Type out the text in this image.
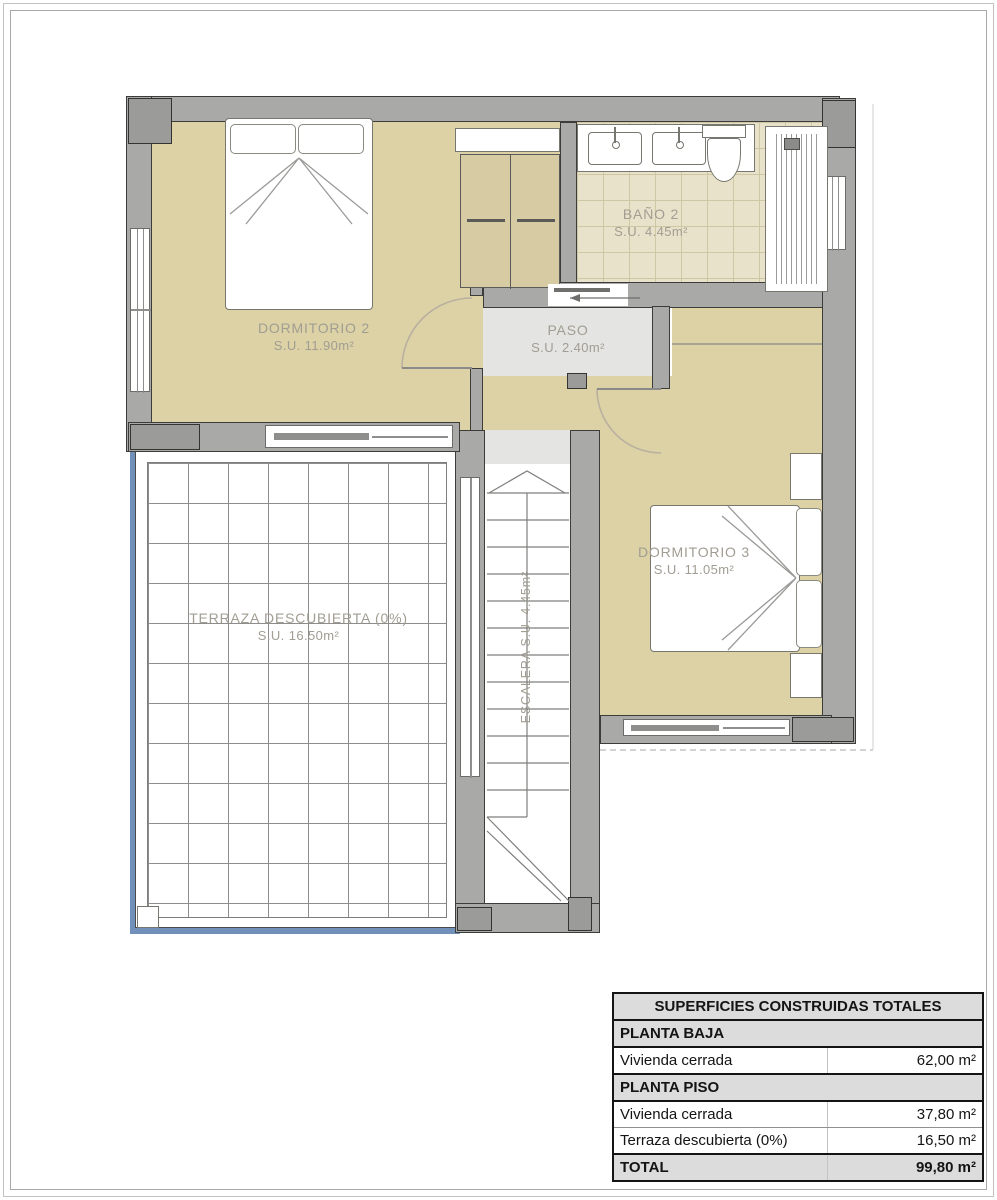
DORMITORIO 2
S.U. 11.90m²
BAÑO 2
S.U. 4.45m²
PASO
S.U. 2.40m²
DORMITORIO 3
S.U. 11.05m²
TERRAZA DESCUBIERTA (0%)
S.U. 16.50m²
ESCALERA S.U. 4.45m²
SUPERFICIES CONSTRUIDAS TOTALES	
PLANTA BAJA	
Vivienda cerrada	62,00 m²
PLANTA PISO	
Vivienda cerrada	37,80 m²
Terraza descubierta (0%)	16,50 m²
TOTAL	99,80 m²
